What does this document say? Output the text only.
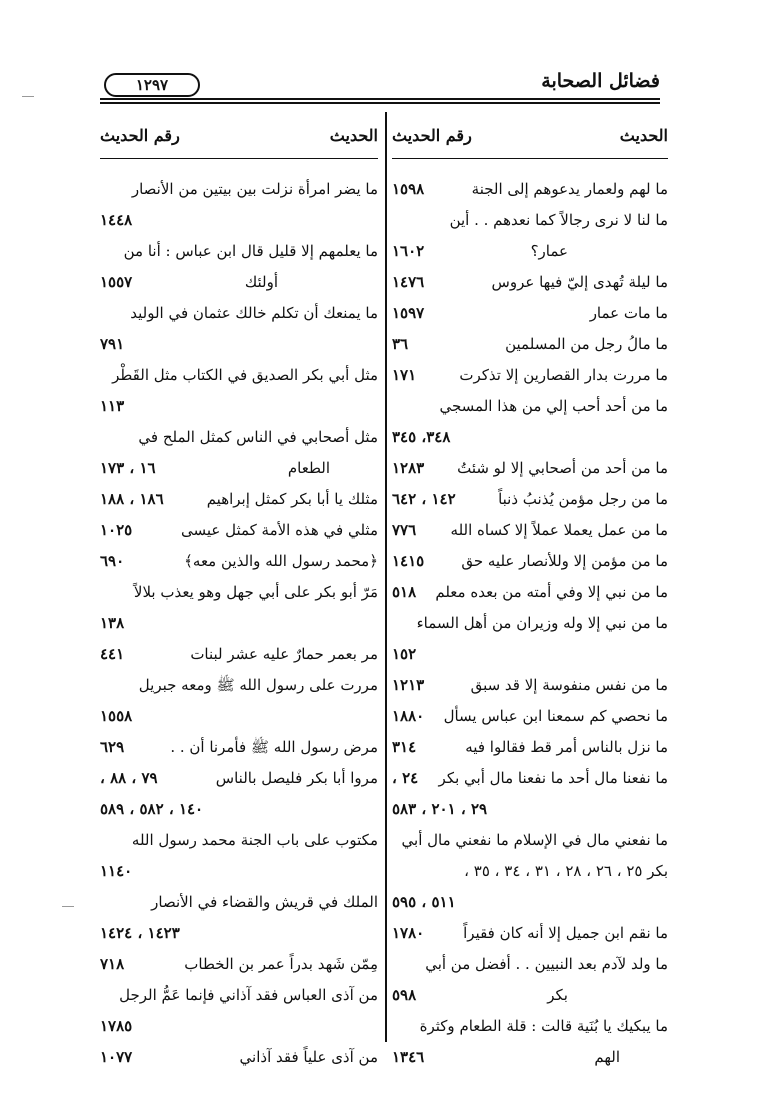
فضائل الصحابة
١٢٩٧
الحديث
رقم الحديث
ما لهم ولعمار يدعوهم إلى الجنة
١٥٩٨
ما لنا لا نرى رجالاً كما نعدهم . . أين
عمار؟
١٦٠٢
ما ليلة تُهدى إليّ فيها عروس
١٤٧٦
ما مات عمار
١٥٩٧
ما مالُ رجل من المسلمين
٣٦
ما مررت بدار القصارين إلا تذكرت
١٧١
ما من أحد أحب إلي من هذا المسجي
٣٤٨، ٣٤٥
ما من أحد من أصحابي إلا لو شئتُ
١٢٨٣
ما من رجل مؤمن يُذنبُ ذنباً
١٤٢ ، ٦٤٢
ما من عمل يعملا عملاً إلا كساه الله
٧٧٦
ما من مؤمن إلا وللأنصار عليه حق
١٤١٥
ما من نبي إلا وفي أمته من بعده معلم
٥١٨
ما من نبي إلا وله وزيران من أهل السماء
١٥٢
ما من نفس منفوسة إلا قد سبق
١٢١٣
ما نحصي كم سمعنا ابن عباس يسأل
١٨٨٠
ما نزل بالناس أمر قط فقالوا فيه
٣١٤
ما نفعنا مال أحد ما نفعنا مال أبي بكر
٢٤ ،
٢٩ ، ٢٠١ ، ٥٨٣
ما نفعني مال في الإسلام ما نفعني مال أبي
بكر ٢٥ ، ٢٦ ، ٢٨ ، ٣١ ، ٣٤ ، ٣٥ ،
٥١١ ، ٥٩٥
ما نقم ابن جميل إلا أنه كان فقيراً
١٧٨٠
ما ولد لآدم بعد النبيين . . أفضل من أبي
بكر
٥٩٨
ما يبكيك يا بُنَية قالت : قلة الطعام وكثرة
الهم
١٣٤٦
الحديث
رقم الحديث
ما يضر امرأة نزلت بين بيتين من الأنصار
١٤٤٨
ما يعلمهم إلا قليل قال ابن عباس : أنا من
أولئك
١٥٥٧
ما يمنعك أن تكلم خالك عثمان في الوليد
٧٩١
مثل أبي بكر الصديق في الكتاب مثل القَطْر
١١٣
مثل أصحابي في الناس كمثل الملح في
الطعام
١٦ ، ١٧٣
مثلك يا أبا بكر كمثل إبراهيم
١٨٦ ، ١٨٨
مثلي في هذه الأمة كمثل عيسى
١٠٢٥
﴿محمد رسول الله والذين معه﴾
٦٩٠
مَرّ أبو بكر على أبي جهل وهو يعذب بلالاً
١٣٨
مر بعمر حمارٌ عليه عشر لبنات
٤٤١
مررت على رسول الله ﷺ ومعه جبريل
١٥٥٨
مرض رسول الله ﷺ فأمرنا أن . .
٦٢٩
مروا أبا بكر فليصل بالناس
٧٩ ، ٨٨ ،
١٤٠ ، ٥٨٢ ، ٥٨٩
مكتوب على باب الجنة محمد رسول الله
١١٤٠
الملك في قريش والقضاء في الأنصار
١٤٢٣ ، ١٤٢٤
مِمّن شَهد بدراً عمر بن الخطاب
٧١٨
من آذى العباس فقد آذاني فإنما عَمُّ الرجل
١٧٨٥
من آذى علياً فقد آذاني
١٠٧٧
